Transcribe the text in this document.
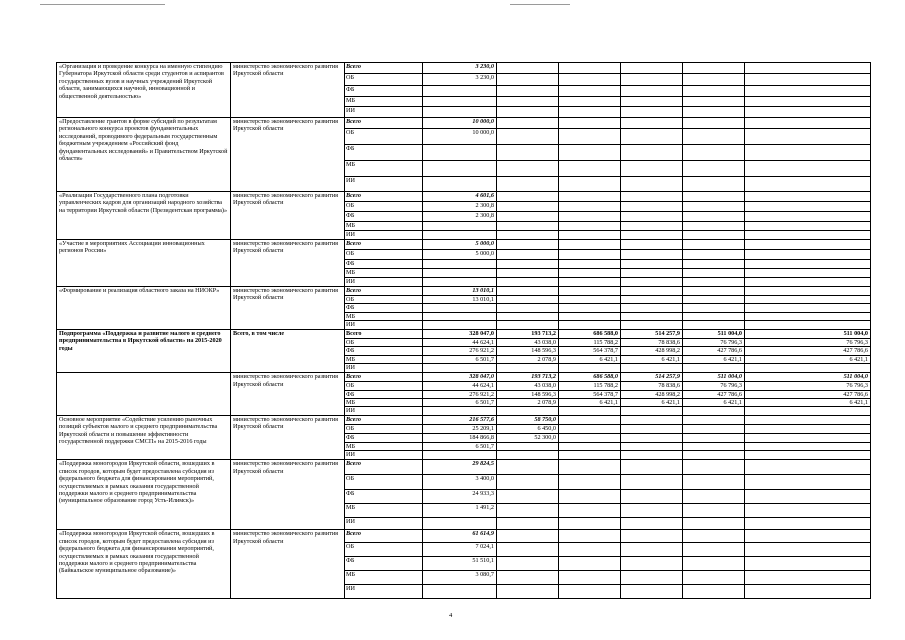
«Организация и проведение конкурса на именную стипендию Губернатора Иркутской области среди студентов и аспирантов государственных вузов и научных учреждений Иркутской области, занимающихся научной, инновационной и общественной деятельностью»	министерство экономического развития Иркутской области	Всего	3 230,0					
		ОБ	3 230,0					
		ФБ						
		МБ						
		ИИ						
«Предоставление грантов в форме субсидий по результатам регионального конкурса проектов фундаментальных исследований, проводимого федеральным государственным бюджетным учреждением «Российский фонд фундаментальных исследований» и Правительством Иркутской области»	министерство экономического развития Иркутской области	Всего	10 000,0					
		ОБ	10 000,0					
		ФБ						
		МБ						
		ИИ						
«Реализация Государственного плана подготовки управленческих кадров для организаций народного хозяйства на территории Иркутской области (Президентская программа)»	министерство экономического развития Иркутской области	Всего	4 601,6					
		ОБ	2 300,8					
		ФБ	2 300,8					
		МБ						
		ИИ						
«Участие в мероприятиях Ассоциации инновационных регионов России»	министерство экономического развития Иркутской области	Всего	5 000,0					
		ОБ	5 000,0					
		ФБ						
		МБ						
		ИИ						
«Формирование и реализация областного заказа на НИОКР»	министерство экономического развития Иркутской области	Всего	13 010,1					
		ОБ	13 010,1					
		ФБ						
		МБ						
		ИИ						
Подпрограмма «Поддержка и развитие малого и среднего предпринимательства в Иркутской области» на 2015-2020 годы	Всего, в том числе	Всего	328 047,0	193 713,2	686 588,0	514 257,9	511 004,0	511 004,0
		ОБ	44 624,1	43 038,0	115 788,2	78 838,6	76 796,3	76 796,3
		ФБ	276 921,2	148 596,3	564 378,7	428 998,2	427 786,6	427 786,6
		МБ	6 501,7	2 078,9	6 421,1	6 421,1	6 421,1	6 421,1
		ИИ						
	министерство экономического развития Иркутской области	Всего	328 047,0	193 713,2	686 588,0	514 257,9	511 004,0	511 004,0
		ОБ	44 624,1	43 038,0	115 788,2	78 838,6	76 796,3	76 796,3
		ФБ	276 921,2	148 596,3	564 378,7	428 998,2	427 786,6	427 786,6
		МБ	6 501,7	2 078,9	6 421,1	6 421,1	6 421,1	6 421,1
		ИИ						
Основное мероприятие «Содействие усилению рыночных позиций субъектов малого и среднего предпринимательства Иркутской области и повышение эффективности государственной поддержки СМСП» на 2015-2016 годы	министерство экономического развития Иркутской области	Всего	216 577,6	58 750,0				
		ОБ	25 209,1	6 450,0				
		ФБ	184 866,8	52 300,0				
		МБ	6 501,7					
		ИИ						
«Поддержка моногородов Иркутской области, вошедших в список городов, которым будет предоставлена субсидия из федерального бюджета для финансирования мероприятий, осуществляемых в рамках оказания государственной поддержки малого и среднего предпринимательства (муниципальное образование город Усть-Илимск)»	министерство экономического развития Иркутской области	Всего	29 824,5					
		ОБ	3 400,0					
		ФБ	24 933,3					
		МБ	1 491,2					
		ИИ						
«Поддержка моногородов Иркутской области, вошедших в список городов, которым будет предоставлена субсидия из федерального бюджета для финансирования мероприятий, осуществляемых в рамках оказания государственной поддержки малого и среднего предпринимательства (Байкальское муниципальное образование)»	министерство экономического развития Иркутской области	Всего	61 614,9					
		ОБ	7 024,1					
		ФБ	51 510,1					
		МБ	3 080,7					
		ИИ						
4
